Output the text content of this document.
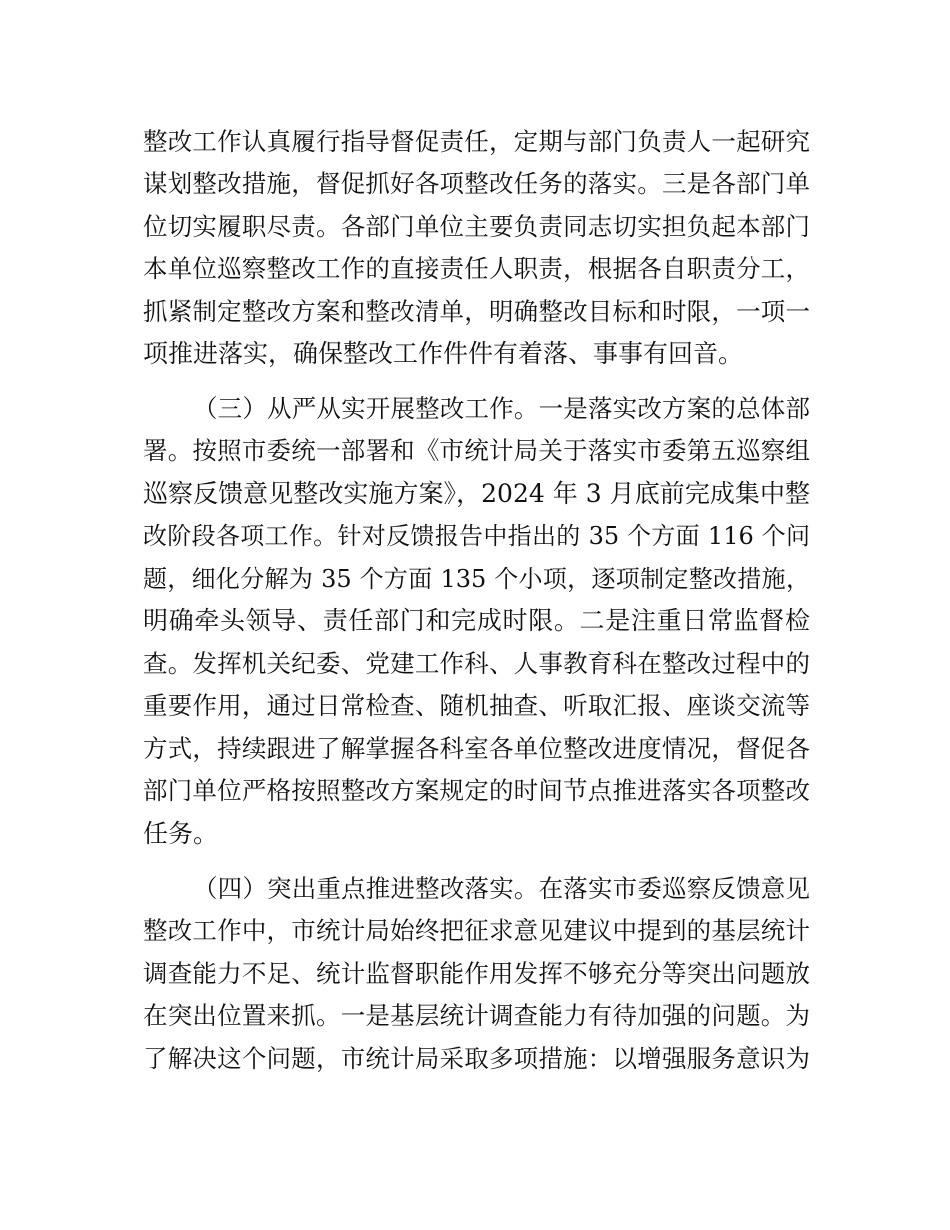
整改工作认真履行指导督促责任，定期与部门负责人一起研究
谋划整改措施，督促抓好各项整改任务的落实。三是各部门单
位切实履职尽责。各部门单位主要负责同志切实担负起本部门
本单位巡察整改工作的直接责任人职责，根据各自职责分工，
抓紧制定整改方案和整改清单，明确整改目标和时限，一项一
项推进落实，确保整改工作件件有着落、事事有回音。
（三）从严从实开展整改工作。一是落实改方案的总体部
署。按照市委统一部署和《市统计局关于落实市委第五巡察组
巡察反馈意见整改实施方案》，2024 年 3 月底前完成集中整
改阶段各项工作。针对反馈报告中指出的 35 个方面 116 个问
题，细化分解为 35 个方面 135 个小项，逐项制定整改措施，
明确牵头领导、责任部门和完成时限。二是注重日常监督检
查。发挥机关纪委、党建工作科、人事教育科在整改过程中的
重要作用，通过日常检查、随机抽查、听取汇报、座谈交流等
方式，持续跟进了解掌握各科室各单位整改进度情况，督促各
部门单位严格按照整改方案规定的时间节点推进落实各项整改
任务。
（四）突出重点推进整改落实。在落实市委巡察反馈意见
整改工作中，市统计局始终把征求意见建议中提到的基层统计
调查能力不足、统计监督职能作用发挥不够充分等突出问题放
在突出位置来抓。一是基层统计调查能力有待加强的问题。为
了解决这个问题，市统计局采取多项措施：以增强服务意识为
